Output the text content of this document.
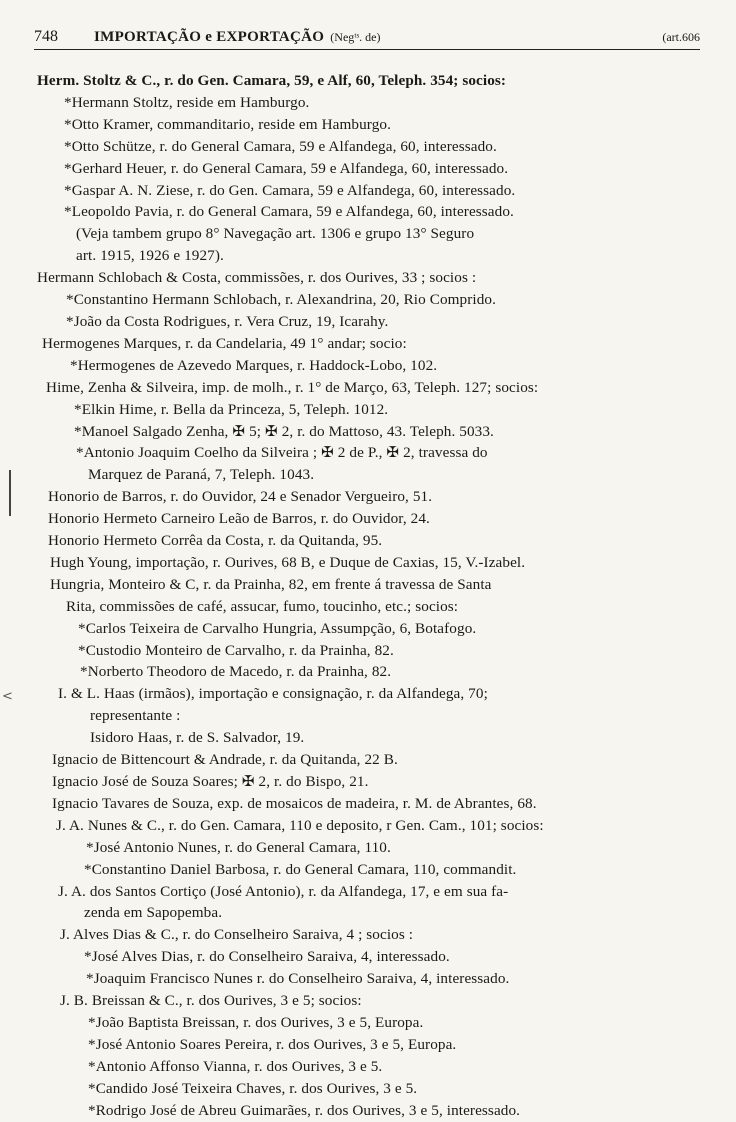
748	IMPORTAÇÃO e EXPORTAÇÃO (Negᵗˢ. de)	(art.606
<
Herm. Stoltz & C., r. do Gen. Camara, 59, e Alf, 60, Teleph. 354; socios:
*Hermann Stoltz, reside em Hamburgo.
*Otto Kramer, commanditario, reside em Hamburgo.
*Otto Schütze, r. do General Camara, 59 e Alfandega, 60, interessado.
*Gerhard Heuer, r. do General Camara, 59 e Alfandega, 60, interessado.
*Gaspar A. N. Ziese, r. do Gen. Camara, 59 e Alfandega, 60, interessado.
*Leopoldo Pavia, r. do General Camara, 59 e Alfandega, 60, interessado.
(Veja tambem grupo 8° Navegação art. 1306 e grupo 13° Seguro
art. 1915, 1926 e 1927).
Hermann Schlobach & Costa, commissões, r. dos Ourives, 33 ; socios :
*Constantino Hermann Schlobach, r. Alexandrina, 20, Rio Comprido.
*João da Costa Rodrigues, r. Vera Cruz, 19, Icarahy.
Hermogenes Marques, r. da Candelaria, 49 1° andar; socio:
*Hermogenes de Azevedo Marques, r. Haddock-Lobo, 102.
Hime, Zenha & Silveira, imp. de molh., r. 1° de Março, 63, Teleph. 127; socios:
*Elkin Hime, r. Bella da Princeza, 5, Teleph. 1012.
*Manoel Salgado Zenha, ✠ 5; ✠ 2, r. do Mattoso, 43. Teleph. 5033.
*Antonio Joaquim Coelho da Silveira ; ✠ 2 de P., ✠ 2, travessa do
Marquez de Paraná, 7, Teleph. 1043.
Honorio de Barros, r. do Ouvidor, 24 e Senador Vergueiro, 51.
Honorio Hermeto Carneiro Leão de Barros, r. do Ouvidor, 24.
Honorio Hermeto Corrêa da Costa, r. da Quitanda, 95.
Hugh Young, importação, r. Ourives, 68 B, e Duque de Caxias, 15, V.-Izabel.
Hungria, Monteiro & C, r. da Prainha, 82, em frente á travessa de Santa
Rita, commissões de café, assucar, fumo, toucinho, etc.; socios:
*Carlos Teixeira de Carvalho Hungria, Assumpção, 6, Botafogo.
*Custodio Monteiro de Carvalho, r. da Prainha, 82.
*Norberto Theodoro de Macedo, r. da Prainha, 82.
I. & L. Haas (irmãos), importação e consignação, r. da Alfandega, 70;
representante :
Isidoro Haas, r. de S. Salvador, 19.
Ignacio de Bittencourt & Andrade, r. da Quitanda, 22 B.
Ignacio José de Souza Soares; ✠ 2, r. do Bispo, 21.
Ignacio Tavares de Souza, exp. de mosaicos de madeira, r. M. de Abrantes, 68.
J. A. Nunes & C., r. do Gen. Camara, 110 e deposito, r Gen. Cam., 101; socios:
*José Antonio Nunes, r. do General Camara, 110.
*Constantino Daniel Barbosa, r. do General Camara, 110, commandit.
J. A. dos Santos Cortiço (José Antonio), r. da Alfandega, 17, e em sua fa-
zenda em Sapopemba.
J. Alves Dias & C., r. do Conselheiro Saraiva, 4 ; socios :
*José Alves Dias, r. do Conselheiro Saraiva, 4, interessado.
*Joaquim Francisco Nunes r. do Conselheiro Saraiva, 4, interessado.
J. B. Breissan & C., r. dos Ourives, 3 e 5; socios:
*João Baptista Breissan, r. dos Ourives, 3 e 5, Europa.
*José Antonio Soares Pereira, r. dos Ourives, 3 e 5, Europa.
*Antonio Affonso Vianna, r. dos Ourives, 3 e 5.
*Candido José Teixeira Chaves, r. dos Ourives, 3 e 5.
*Rodrigo José de Abreu Guimarães, r. dos Ourives, 3 e 5, interessado.
